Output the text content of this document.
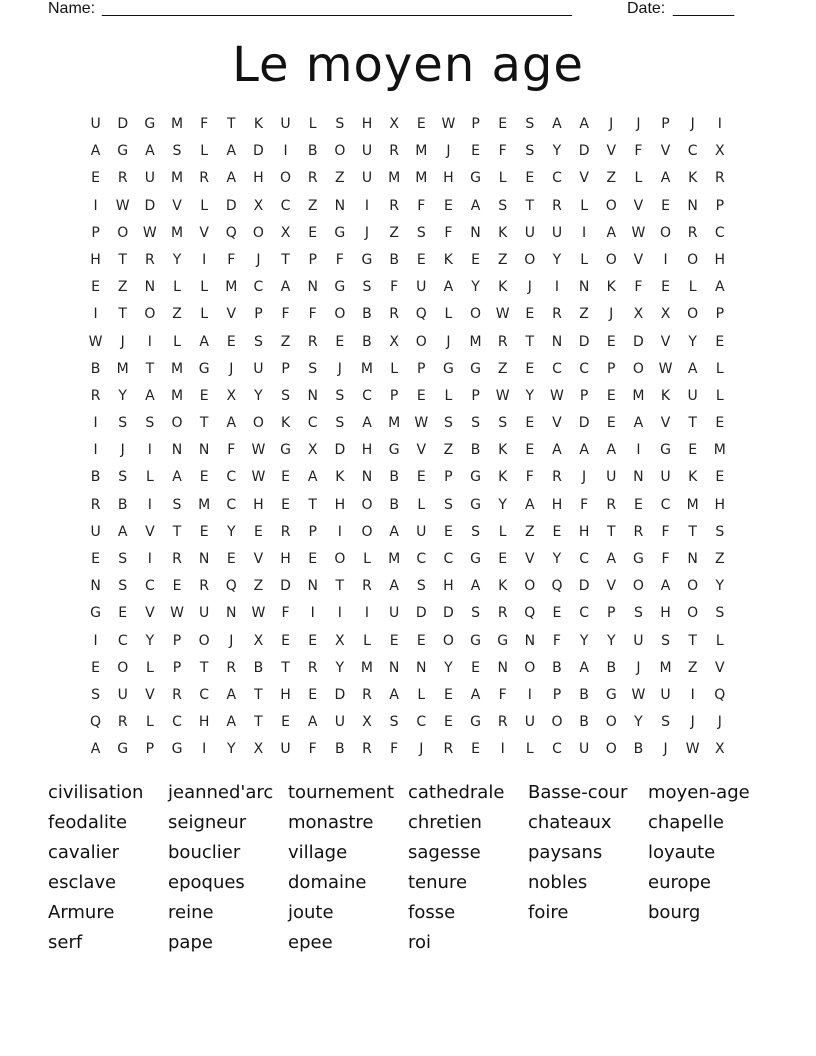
Name: ______________________________________________________	Date: _______
Le moyen age
U	D	G	M	F	T	K	U	L	S	H	X	E	W	P	E	S	A	A	J	J	P	J	I
A	G	A	S	L	A	D	I	B	O	U	R	M	J	E	F	S	Y	D	V	F	V	C	X
E	R	U	M	R	A	H	O	R	Z	U	M	M	H	G	L	E	C	V	Z	L	A	K	R
I	W	D	V	L	D	X	C	Z	N	I	R	F	E	A	S	T	R	L	O	V	E	N	P
P	O	W	M	V	Q	O	X	E	G	J	Z	S	F	N	K	U	U	I	A	W	O	R	C
H	T	R	Y	I	F	J	T	P	F	G	B	E	K	E	Z	O	Y	L	O	V	I	O	H
E	Z	N	L	L	M	C	A	N	G	S	F	U	A	Y	K	J	I	N	K	F	E	L	A
I	T	O	Z	L	V	P	F	F	O	B	R	Q	L	O	W	E	R	Z	J	X	X	O	P
W	J	I	L	A	E	S	Z	R	E	B	X	O	J	M	R	T	N	D	E	D	V	Y	E
B	M	T	M	G	J	U	P	S	J	M	L	P	G	G	Z	E	C	C	P	O	W	A	L
R	Y	A	M	E	X	Y	S	N	S	C	P	E	L	P	W	Y	W	P	E	M	K	U	L
I	S	S	O	T	A	O	K	C	S	A	M	W	S	S	S	E	V	D	E	A	V	T	E
I	J	I	N	N	F	W	G	X	D	H	G	V	Z	B	K	E	A	A	A	I	G	E	M
B	S	L	A	E	C	W	E	A	K	N	B	E	P	G	K	F	R	J	U	N	U	K	E
R	B	I	S	M	C	H	E	T	H	O	B	L	S	G	Y	A	H	F	R	E	C	M	H
U	A	V	T	E	Y	E	R	P	I	O	A	U	E	S	L	Z	E	H	T	R	F	T	S
E	S	I	R	N	E	V	H	E	O	L	M	C	C	G	E	V	Y	C	A	G	F	N	Z
N	S	C	E	R	Q	Z	D	N	T	R	A	S	H	A	K	O	Q	D	V	O	A	O	Y
G	E	V	W	U	N	W	F	I	I	I	U	D	D	S	R	Q	E	C	P	S	H	O	S
I	C	Y	P	O	J	X	E	E	X	L	E	E	O	G	G	N	F	Y	Y	U	S	T	L
E	O	L	P	T	R	B	T	R	Y	M	N	N	Y	E	N	O	B	A	B	J	M	Z	V
S	U	V	R	C	A	T	H	E	D	R	A	L	E	A	F	I	P	B	G	W	U	I	Q
Q	R	L	C	H	A	T	E	A	U	X	S	C	E	G	R	U	O	B	O	Y	S	J	J
A	G	P	G	I	Y	X	U	F	B	R	F	J	R	E	I	L	C	U	O	B	J	W	X
civilisation jeanned'arc tournement cathedrale Basse-cour moyen-age
feodalite seigneur monastre chretien	chateaux chapelle
cavalier	bouclier	village	sagesse	paysans	loyaute
esclave	epoques domaine tenure	nobles	europe
Armure	reine	joute	fosse	foire	bourg
serf	pape	epee	roi
